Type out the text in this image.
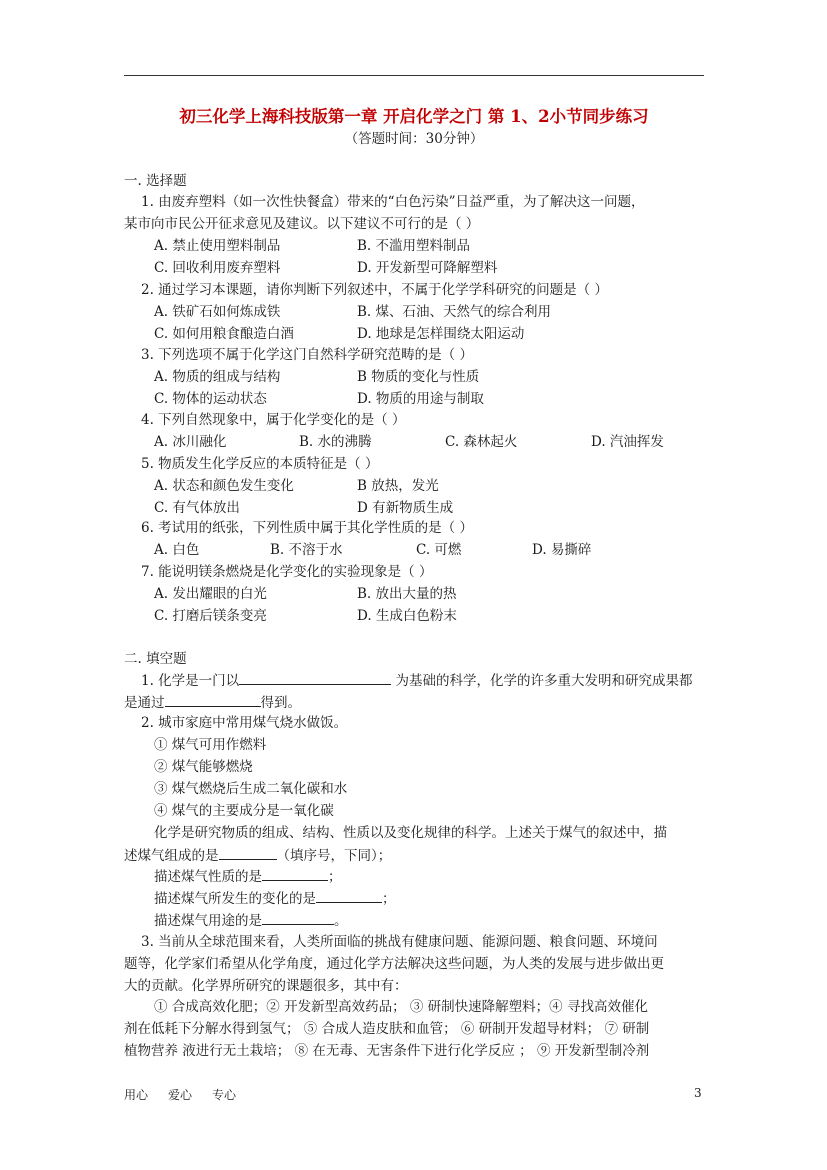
初三化学上海科技版第一章 开启化学之门 第 1、2小节同步练习
（答题时间：30分钟）
一. 选择题
1. 由废弃塑料（如一次性快餐盒）带来的“白色污染”日益严重，为了解决这一问题，
某市向市民公开征求意见及建议。以下建议不可行的是（ ）
A. 禁止使用塑料制品	B. 不滥用塑料制品
C. 回收利用废弃塑料	D. 开发新型可降解塑料
2. 通过学习本课题，请你判断下列叙述中，不属于化学学科研究的问题是（ ）
A. 铁矿石如何炼成铁	B. 煤、石油、天然气的综合利用
C. 如何用粮食酿造白酒	D. 地球是怎样围绕太阳运动
3. 下列选项不属于化学这门自然科学研究范畴的是（ ）
A. 物质的组成与结构	B 物质的变化与性质
C. 物体的运动状态	D. 物质的用途与制取
4. 下列自然现象中，属于化学变化的是（ ）
A. 冰川融化	B. 水的沸腾	C. 森林起火	D. 汽油挥发
5. 物质发生化学反应的本质特征是（ ）
A. 状态和颜色发生变化	B 放热，发光
C. 有气体放出	D 有新物质生成
6. 考试用的纸张，下列性质中属于其化学性质的是（ ）
A. 白色	B. 不溶于水	C. 可燃	D. 易撕碎
7. 能说明镁条燃烧是化学变化的实验现象是（ ）
A. 发出耀眼的白光	B. 放出大量的热
C. 打磨后镁条变亮	D. 生成白色粉末
二. 填空题
1. 化学是一门以	为基础的科学，化学的许多重大发明和研究成果都
是通过	得到。
2. 城市家庭中常用煤气烧水做饭。
① 煤气可用作燃料
② 煤气能够燃烧
③ 煤气燃烧后生成二氧化碳和水
④ 煤气的主要成分是一氧化碳
化学是研究物质的组成、结构、性质以及变化规律的科学。上述关于煤气的叙述中，描
述煤气组成的是	（填序号，下同）；
描述煤气性质的是	；
描述煤气所发生的变化的是	；
描述煤气用途的是	。
3. 当前从全球范围来看，人类所面临的挑战有健康问题、能源问题、粮食问题、环境问
题等，化学家们希望从化学角度，通过化学方法解决这些问题，为人类的发展与进步做出更
大的贡献。化学界所研究的课题很多，其中有：
① 合成高效化肥；② 开发新型高效药品； ③ 研制快速降解塑料；④ 寻找高效催化
剂在低耗下分解水得到氢气； ⑤ 合成人造皮肤和血管； ⑥ 研制开发超导材料； ⑦ 研制
植物营养 液进行无土栽培； ⑧ 在无毒、无害条件下进行化学反应 ； ⑨ 开发新型制冷剂
用心 爱心 专心	3
